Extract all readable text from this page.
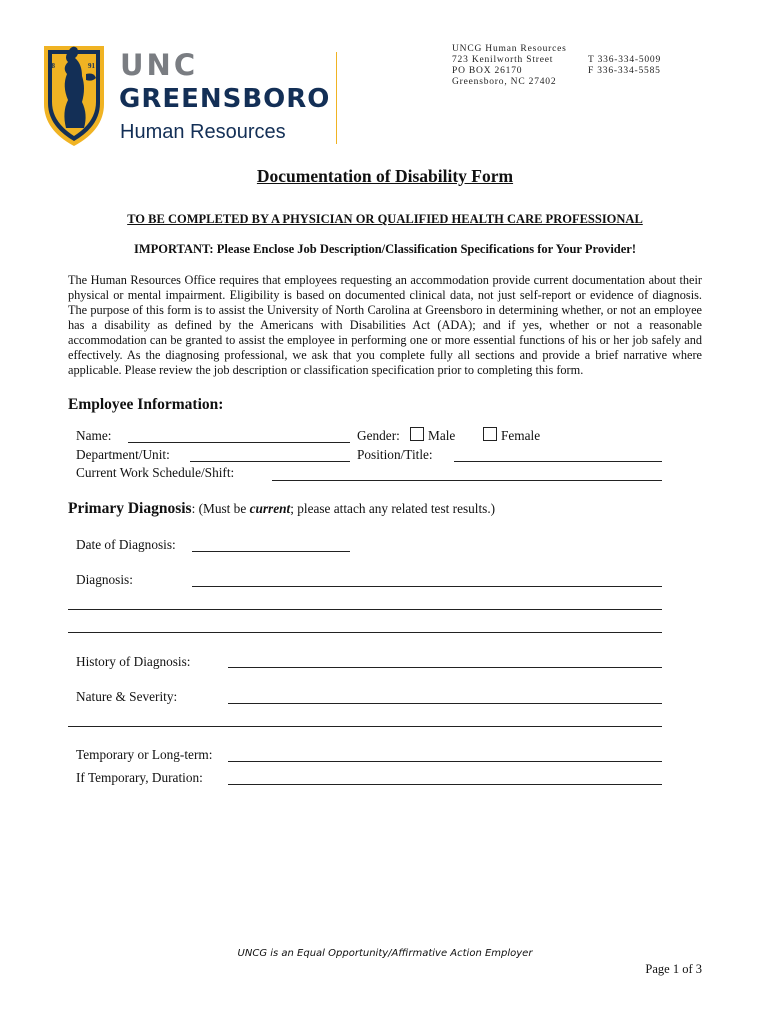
18	91 UNC
GREENSBORO
Human Resources
UNCG Human Resources
723 Kenilworth Street
PO BOX 26170
Greensboro, NC 27402
T 336-334-5009
F 336-334-5585
Documentation of Disability Form
TO BE COMPLETED BY A PHYSICIAN OR QUALIFIED HEALTH CARE PROFESSIONAL
IMPORTANT: Please Enclose Job Description/Classification Specifications for Your Provider!
The Human Resources Office requires that employees requesting an accommodation provide current documentation about their physical or mental impairment. Eligibility is based on documented clinical data, not just self-report or evidence of diagnosis. The purpose of this form is to assist the University of North Carolina at Greensboro in determining whether, or not an employee has a disability as defined by the Americans with Disabilities Act (ADA); and if yes, whether or not a reasonable accommodation can be granted to assist the employee in performing one or more essential functions of his or her job safely and effectively. As the diagnosing professional, we ask that you complete fully all sections and provide a brief narrative where applicable. Please review the job description or classification specification prior to completing this form.
Employee Information:
Name:	Gender: Male	Female
Department/Unit:	Position/Title:
Current Work Schedule/Shift:
Primary Diagnosis: (Must be current; please attach any related test results.)
Date of Diagnosis:
Diagnosis:
History of Diagnosis:
Nature & Severity:
Temporary or Long-term:
If Temporary, Duration:
UNCG is an Equal Opportunity/Affirmative Action Employer
Page 1 of 3
